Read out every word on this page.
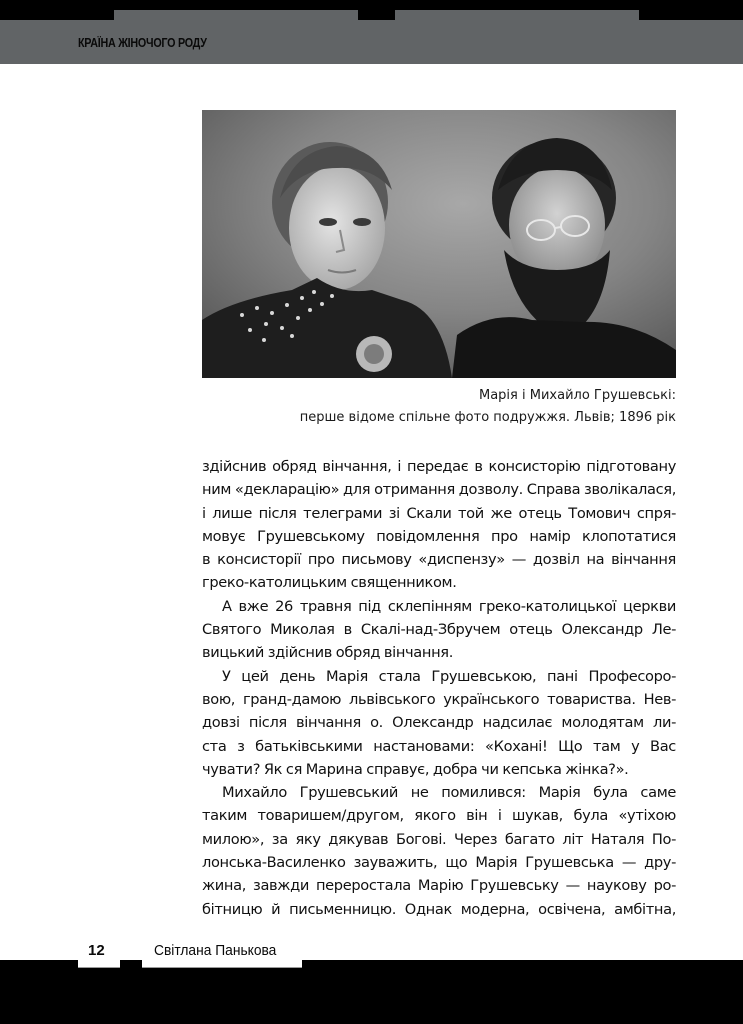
КРАЇНА ЖІНОЧОГО РОДУ
Марія і Михайло Грушевські:
перше відоме спільне фото подружжя. Львів; 1896 рік
здійснив обряд вінчання, і передає в консисторію підготовану
ним «декларацію» для отримання дозволу. Справа зволікалася,
і лише після телеграми зі Скали той же отець Томович спря-
мовує Грушевському повідомлення про намір клопотатися
в консисторії про письмову «диспензу» — дозвіл на вінчання
греко-католицьким священником.
А вже 26 травня під склепінням греко-католицької церкви
Святого Миколая в Скалі-над-Збручем отець Олександр Ле-
вицький здійснив обряд вінчання.
У цей день Марія стала Грушевською, пані Професоро-
вою, гранд-дамою львівського українського товариства. Нев-
довзі після вінчання о. Олександр надсилає молодятам ли-
ста з батьківськими настановами: «Кохані! Що там у Вас
чувати? Як ся Марина справує, добра чи кепська жінка?».
Михайло Грушевський не помилився: Марія була саме
таким товаришем/другом, якого він і шукав, була «утіхою
милою», за яку дякував Богові. Через багато літ Наталя По-
лонська-Василенко зауважить, що Марія Грушевська — дру-
жина, завжди переростала Марію Грушевську — наукову ро-
бітницю й письменницю. Однак модерна, освічена, амбітна,
12	Світлана Панькова
